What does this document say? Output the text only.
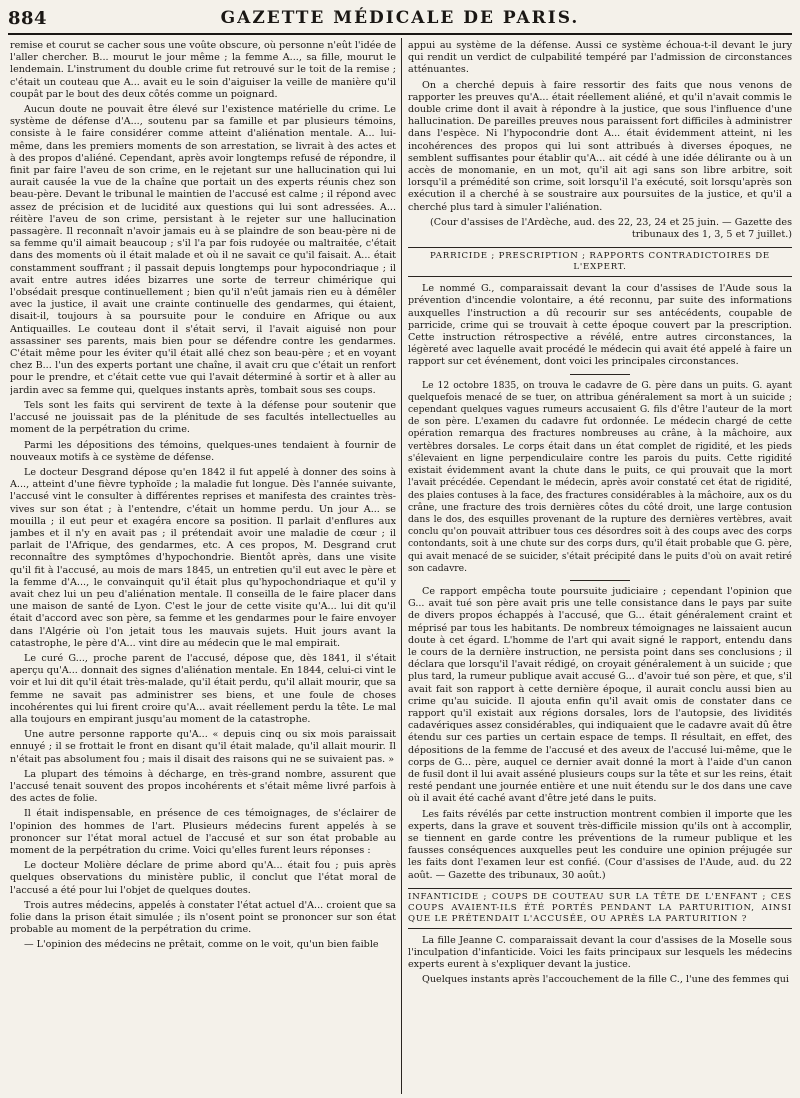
884	GAZETTE MÉDICALE DE PARIS.

remise et courut se cacher sous une voûte obscure, où personne n'eût l'idée de l'aller chercher. B... mourut le jour même ; la femme A..., sa fille, mourut le lendemain. L'instrument du double crime fut retrouvé sur le toit de la remise ; c'était un couteau que A... avait eu le soin d'aiguiser la veille de manière qu'il coupât par le bout des deux côtés comme un poignard.

Aucun doute ne pouvait être élevé sur l'existence matérielle du crime. Le système de défense d'A..., soutenu par sa famille et par plusieurs témoins, consiste à le faire considérer comme atteint d'aliénation mentale. A... lui-même, dans les premiers moments de son arrestation, se livrait à des actes et à des propos d'aliéné. Cependant, après avoir longtemps refusé de répondre, il finit par faire l'aveu de son crime, en le rejetant sur une hallucination qui lui aurait causée la vue de la chaîne que portait un des experts réunis chez son beau-père. Devant le tribunal le maintien de l'accusé est calme ; il répond avec assez de précision et de lucidité aux questions qui lui sont adressées. A... réitère l'aveu de son crime, persistant à le rejeter sur une hallucination passagère. Il reconnaît n'avoir jamais eu à se plaindre de son beau-père ni de sa femme qu'il aimait beaucoup ; s'il l'a par fois rudoyée ou maltraitée, c'était dans des moments où il était malade et où il ne savait ce qu'il faisait. A... était constamment souffrant ; il passait depuis longtemps pour hypocondriaque ; il avait entre autres idées bizarres une sorte de terreur chimérique qui l'obsédait presque continuellement ; bien qu'il n'eût jamais rien eu à démêler avec la justice, il avait une crainte continuelle des gendarmes, qui étaient, disait-il, toujours à sa poursuite pour le conduire en Afrique ou aux Antiquailles. Le couteau dont il s'était servi, il l'avait aiguisé non pour assassiner ses parents, mais bien pour se défendre contre les gendarmes. C'était même pour les éviter qu'il était allé chez son beau-père ; et en voyant chez B... l'un des experts portant une chaîne, il avait cru que c'était un renfort pour le prendre, et c'était cette vue qui l'avait déterminé à sortir et à aller au jardin avec sa femme qui, quelques instants après, tombait sous ses coups.

Tels sont les faits qui servirent de texte à la défense pour soutenir que l'accusé ne jouissait pas de la plénitude de ses facultés intellectuelles au moment de la perpétration du crime.

Parmi les dépositions des témoins, quelques-unes tendaient à fournir de nouveaux motifs à ce système de défense.

Le docteur Desgrand dépose qu'en 1842 il fut appelé à donner des soins à A..., atteint d'une fièvre typhoïde ; la maladie fut longue. Dès l'année suivante, l'accusé vint le consulter à différentes reprises et manifesta des craintes très-vives sur son état ; à l'entendre, c'était un homme perdu. Un jour A... se mouilla ; il eut peur et exagéra encore sa position. Il parlait d'enflures aux jambes et il n'y en avait pas ; il prétendait avoir une maladie de cœur ; il parlait de l'Afrique, des gendarmes, etc. A ces propos, M. Desgrand crut reconnaître des symptômes d'hypochondrie. Bientôt après, dans une visite qu'il fit à l'accusé, au mois de mars 1845, un entretien qu'il eut avec le père et la femme d'A..., le convainquit qu'il était plus qu'hypochondriaque et qu'il y avait chez lui un peu d'aliénation mentale. Il conseilla de le faire placer dans une maison de santé de Lyon. C'est le jour de cette visite qu'A... lui dit qu'il était d'accord avec son père, sa femme et les gendarmes pour le faire envoyer dans l'Algérie où l'on jetait tous les mauvais sujets. Huit jours avant la catastrophe, le père d'A... vint dire au médecin que le mal empirait.

Le curé G..., proche parent de l'accusé, dépose que, dès 1841, il s'était aperçu qu'A... donnait des signes d'aliénation mentale. En 1844, celui-ci vint le voir et lui dit qu'il était très-malade, qu'il était perdu, qu'il allait mourir, que sa femme ne savait pas administrer ses biens, et une foule de choses incohérentes qui lui firent croire qu'A... avait réellement perdu la tête. Le mal alla toujours en empirant jusqu'au moment de la catastrophe.

Une autre personne rapporte qu'A... « depuis cinq ou six mois paraissait ennuyé ; il se frottait le front en disant qu'il était malade, qu'il allait mourir. Il n'était pas absolument fou ; mais il disait des raisons qui ne se suivaient pas. »

La plupart des témoins à décharge, en très-grand nombre, assurent que l'accusé tenait souvent des propos incohérents et s'était même livré parfois à des actes de folie.

Il était indispensable, en présence de ces témoignages, de s'éclairer de l'opinion des hommes de l'art. Plusieurs médecins furent appelés à se prononcer sur l'état moral actuel de l'accusé et sur son état probable au moment de la perpétration du crime. Voici qu'elles furent leurs réponses :

Le docteur Molière déclare de prime abord qu'A... était fou ; puis après quelques observations du ministère public, il conclut que l'état moral de l'accusé a été pour lui l'objet de quelques doutes.

Trois autres médecins, appelés à constater l'état actuel d'A... croient que sa folie dans la prison était simulée ; ils n'osent point se prononcer sur son état probable au moment de la perpétration du crime.

— L'opinion des médecins ne prêtait, comme on le voit, qu'un bien faible

appui au système de la défense. Aussi ce système échoua-t-il devant le jury qui rendit un verdict de culpabilité tempéré par l'admission de circonstances atténuantes.

On a cherché depuis à faire ressortir des faits que nous venons de rapporter les preuves qu'A... était réellement aliéné, et qu'il n'avait commis le double crime dont il avait à répondre à la justice, que sous l'influence d'une hallucination. De pareilles preuves nous paraissent fort difficiles à administrer dans l'espèce. Ni l'hypocondrie dont A... était évidemment atteint, ni les incohérences des propos qui lui sont attribués à diverses époques, ne semblent suffisantes pour établir qu'A... ait cédé à une idée délirante ou à un accès de monomanie, en un mot, qu'il ait agi sans son libre arbitre, soit lorsqu'il a prémédité son crime, soit lorsqu'il l'a exécuté, soit lorsqu'après son exécution il a cherché à se soustraire aux poursuites de la justice, et qu'il a cherché plus tard à simuler l'aliénation.

(Cour d'assises de l'Ardèche, aud. des 22, 23, 24 et 25 juin. — Gazette des tribunaux des 1, 3, 5 et 7 juillet.)

PARRICIDE ; PRESCRIPTION ; RAPPORTS CONTRADICTOIRES DE L'EXPERT.

Le nommé G., comparaissait devant la cour d'assises de l'Aude sous la prévention d'incendie volontaire, a été reconnu, par suite des informations auxquelles l'instruction a dû recourir sur ses antécédents, coupable de parricide, crime qui se trouvait à cette époque couvert par la prescription. Cette instruction rétrospective a révélé, entre autres circonstances, la légèreté avec laquelle avait procédé le médecin qui avait été appelé à faire un rapport sur cet événement, dont voici les principales circonstances.

Le 12 octobre 1835, on trouva le cadavre de G. père dans un puits. G. ayant quelquefois menacé de se tuer, on attribua généralement sa mort à un suicide ; cependant quelques vagues rumeurs accusaient G. fils d'être l'auteur de la mort de son père. L'examen du cadavre fut ordonnée. Le médecin chargé de cette opération remarqua des fractures nombreuses au crâne, à la mâchoire, aux vertèbres dorsales. Le corps était dans un état complet de rigidité, et les pieds s'élevaient en ligne perpendiculaire contre les parois du puits. Cette rigidité existait évidemment avant la chute dans le puits, ce qui prouvait que la mort l'avait précédée. Cependant le médecin, après avoir constaté cet état de rigidité, des plaies contuses à la face, des fractures considérables à la mâchoire, aux os du crâne, une fracture des trois dernières côtes du côté droit, une large contusion dans le dos, des esquilles provenant de la rupture des dernières vertèbres, avait conclu qu'on pouvait attribuer tous ces désordres soit à des coups avec des corps contondants, soit à une chute sur des corps durs, qu'il était probable que G. père, qui avait menacé de se suicider, s'était précipité dans le puits d'où on avait retiré son cadavre.

Ce rapport empêcha toute poursuite judiciaire ; cependant l'opinion que G... avait tué son père avait pris une telle consistance dans le pays par suite de divers propos échappés à l'accusé, que G... était généralement craint et méprisé par tous les habitants. De nombreux témoignages ne laissaient aucun doute à cet égard. L'homme de l'art qui avait signé le rapport, entendu dans le cours de la dernière instruction, ne persista point dans ses conclusions ; il déclara que lorsqu'il l'avait rédigé, on croyait généralement à un suicide ; que plus tard, la rumeur publique avait accusé G... d'avoir tué son père, et que, s'il avait fait son rapport à cette dernière époque, il aurait conclu aussi bien au crime qu'au suicide. Il ajouta enfin qu'il avait omis de constater dans ce rapport qu'il existait aux régions dorsales, lors de l'autopsie, des lividités cadavériques assez considérables, qui indiquaient que le cadavre avait dû être étendu sur ces parties un certain espace de temps. Il résultait, en effet, des dépositions de la femme de l'accusé et des aveux de l'accusé lui-même, que le corps de G... père, auquel ce dernier avait donné la mort à l'aide d'un canon de fusil dont il lui avait asséné plusieurs coups sur la tête et sur les reins, était resté pendant une journée entière et une nuit étendu sur le dos dans une cave où il avait été caché avant d'être jeté dans le puits.

Les faits révélés par cette instruction montrent combien il importe que les experts, dans la grave et souvent très-difficile mission qu'ils ont à accomplir, se tiennent en garde contre les préventions de la rumeur publique et les fausses conséquences auxquelles peut les conduire une opinion préjugée sur les faits dont l'examen leur est confié. (Cour d'assises de l'Aude, aud. du 22 août. — Gazette des tribunaux, 30 août.)

INFANTICIDE ; COUPS DE COUTEAU SUR LA TÊTE DE L'ENFANT ; CES COUPS AVAIENT-ILS ÉTÉ PORTÉS PENDANT LA PARTURITION, AINSI QUE LE PRÉTENDAIT L'ACCUSÉE, OU APRÈS LA PARTURITION ?

La fille Jeanne C. comparaissait devant la cour d'assises de la Moselle sous l'inculpation d'infanticide. Voici les faits principaux sur lesquels les médecins experts eurent à s'expliquer devant la justice.

Quelques instants après l'accouchement de la fille C., l'une des femmes qui
